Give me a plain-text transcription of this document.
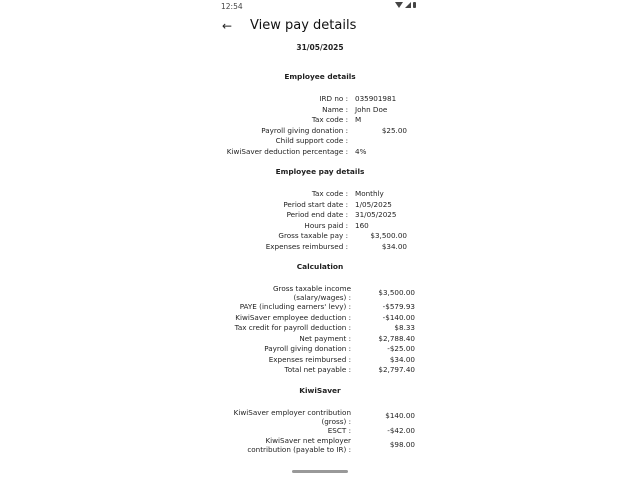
12:54
←	View pay details
31/05/2025
Employee details
IRD no : 035901981
Name : John Doe
Tax code : M
Payroll giving donation :	$25.00
Child support code :
KiwiSaver deduction percentage : 4%
Employee pay details
Tax code : Monthly
Period start date : 1/05/2025
Period end date : 31/05/2025
Hours paid : 160
Gross taxable pay :	$3,500.00
Expenses reimbursed :	$34.00
Calculation
Gross taxable income (salary/wages) :
$3,500.00
PAYE (including earners' levy) :	-$579.93
KiwiSaver employee deduction :	-$140.00
Tax credit for payroll deduction :	$8.33
Net payment :	$2,788.40
Payroll giving donation :	-$25.00
Expenses reimbursed :	$34.00
Total net payable :	$2,797.40
KiwiSaver
KiwiSaver employer contribution (gross) :
$140.00
ESCT :	-$42.00
KiwiSaver net employer contribution (payable to IR) :
$98.00
